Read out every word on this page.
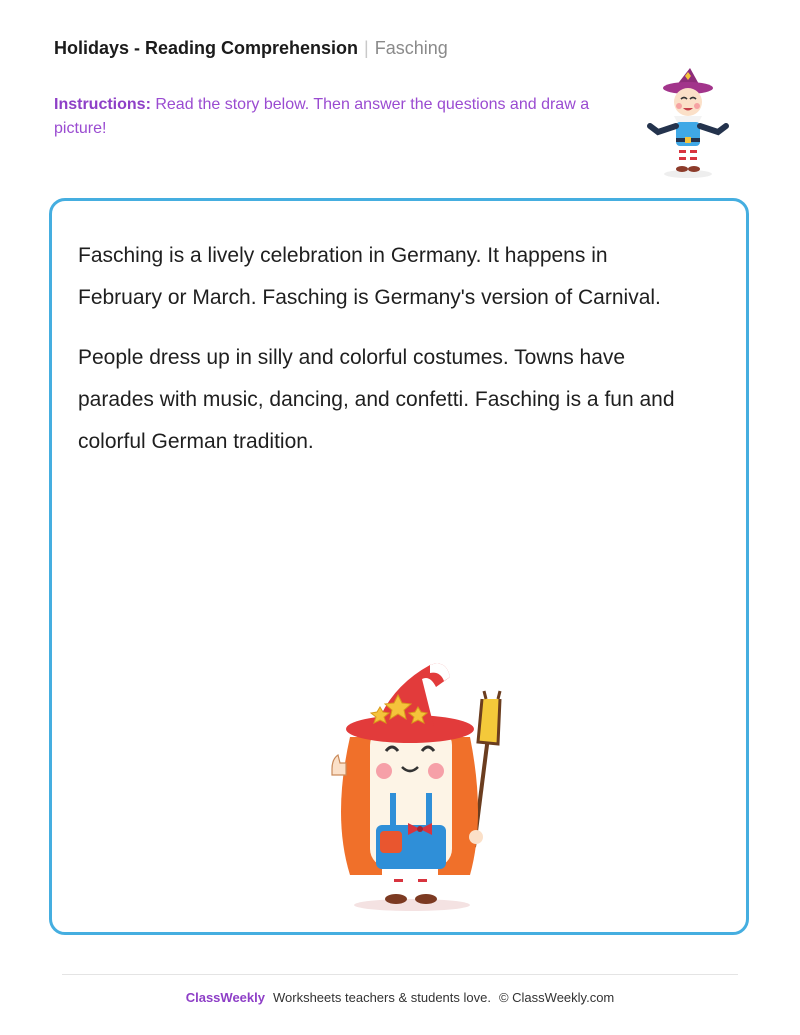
Holidays - Reading Comprehension | Fasching
Instructions: Read the story below. Then answer the questions and draw a picture!

Fasching is a lively celebration in Germany. It happens in February or March. Fasching is Germany's version of Carnival.

People dress up in silly and colorful costumes. Towns have parades with music, dancing, and confetti. Fasching is a fun and colorful German tradition.

ClassWeekly Worksheets teachers & students love. © ClassWeekly.com
